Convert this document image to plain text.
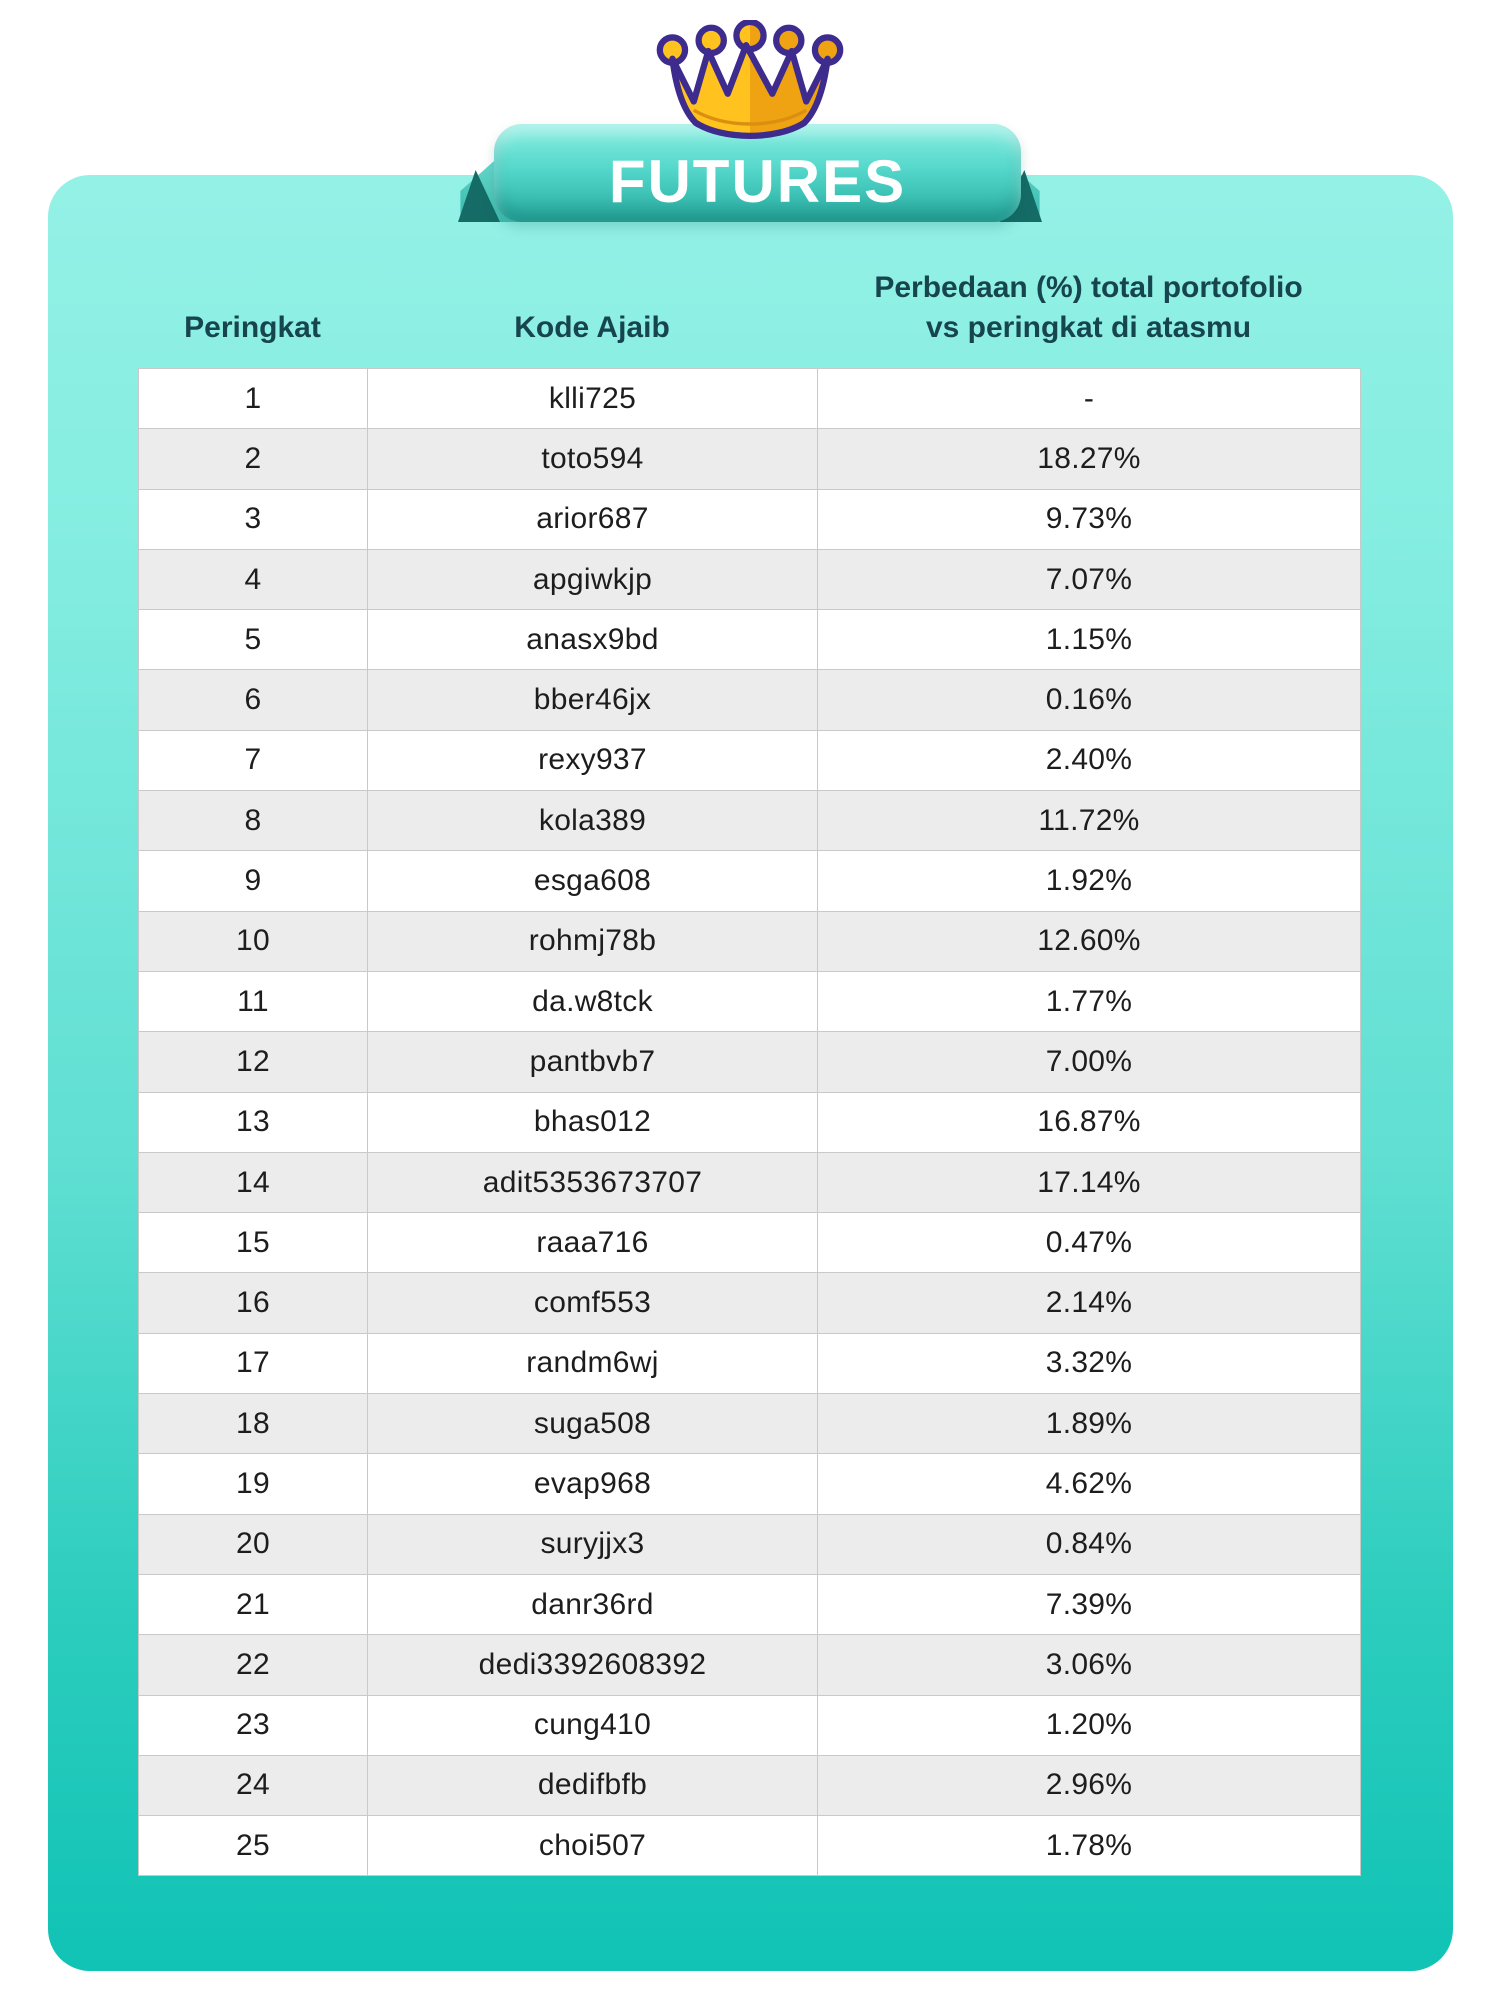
FUTURES
Peringkat	Kode Ajaib
Perbedaan (%) total portofolio
vs peringkat di atasmu
1	klli725	-
2	toto594	18.27%
3	arior687	9.73%
4	apgiwkjp	7.07%
5	anasx9bd	1.15%
6	bber46jx	0.16%
7	rexy937	2.40%
8	kola389	11.72%
9	esga608	1.92%
10	rohmj78b	12.60%
11	da.w8tck	1.77%
12	pantbvb7	7.00%
13	bhas012	16.87%
14	adit5353673707	17.14%
15	raaa716	0.47%
16	comf553	2.14%
17	randm6wj	3.32%
18	suga508	1.89%
19	evap968	4.62%
20	suryjjx3	0.84%
21	danr36rd	7.39%
22	dedi3392608392	3.06%
23	cung410	1.20%
24	dedifbfb	2.96%
25	choi507	1.78%
